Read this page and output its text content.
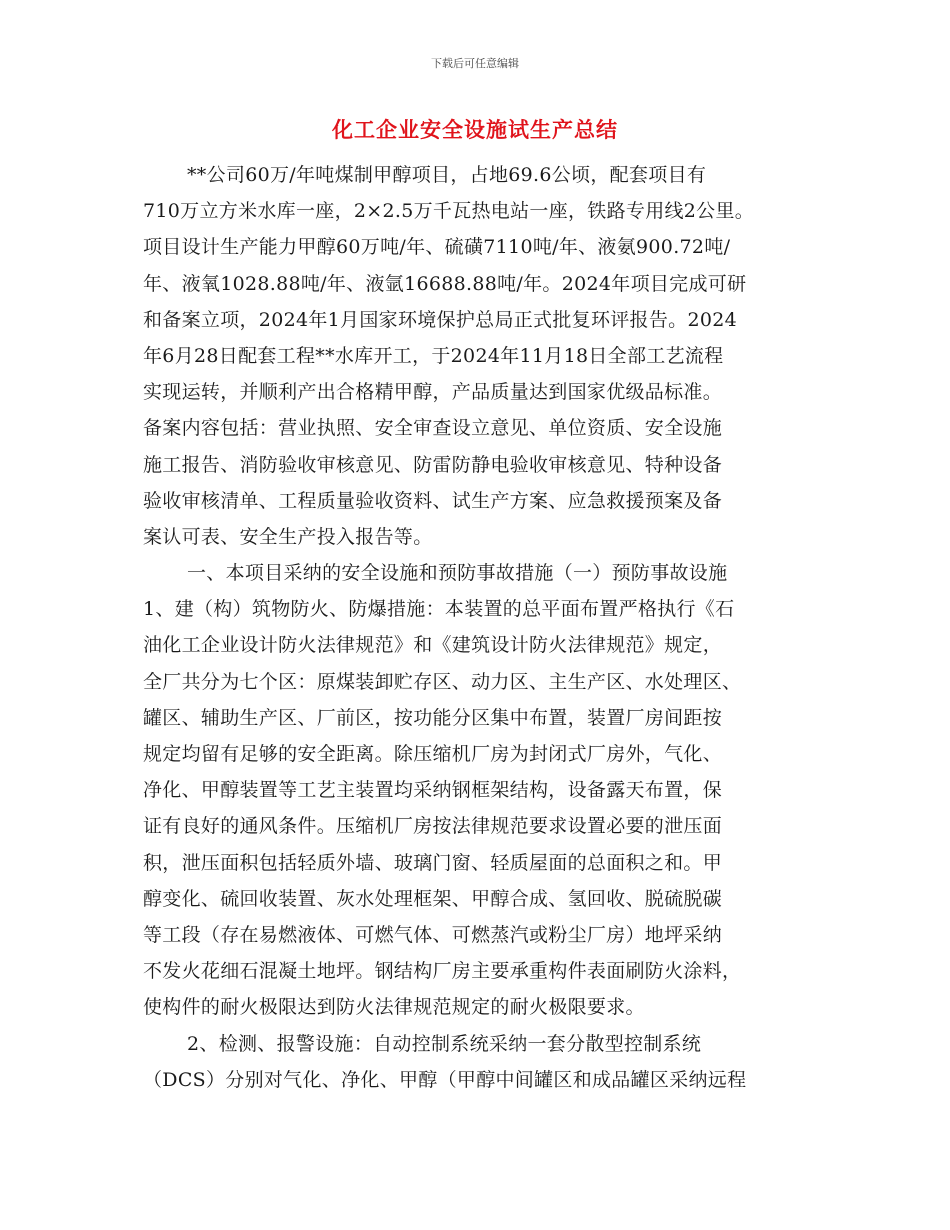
下载后可任意编辑
化工企业安全设施试生产总结
**公司60万/年吨煤制甲醇项目，占地69.6公顷，配套项目有
710万立方米水库一座，2×2.5万千瓦热电站一座，铁路专用线2公里。
项目设计生产能力甲醇60万吨/年、硫磺7110吨/年、液氨900.72吨/
年、液氧1028.88吨/年、液氩16688.88吨/年。2024年项目完成可研
和备案立项，2024年1月国家环境保护总局正式批复环评报告。2024
年6月28日配套工程**水库开工，于2024年11月18日全部工艺流程
实现运转，并顺利产出合格精甲醇，产品质量达到国家优级品标准。
备案内容包括：营业执照、安全审查设立意见、单位资质、安全设施
施工报告、消防验收审核意见、防雷防静电验收审核意见、特种设备
验收审核清单、工程质量验收资料、试生产方案、应急救援预案及备
案认可表、安全生产投入报告等。
一、本项目采纳的安全设施和预防事故措施（一）预防事故设施
1、建（构）筑物防火、防爆措施：本装置的总平面布置严格执行《石
油化工企业设计防火法律规范》和《建筑设计防火法律规范》规定，
全厂共分为七个区：原煤装卸贮存区、动力区、主生产区、水处理区、
罐区、辅助生产区、厂前区，按功能分区集中布置，装置厂房间距按
规定均留有足够的安全距离。除压缩机厂房为封闭式厂房外，气化、
净化、甲醇装置等工艺主装置均采纳钢框架结构，设备露天布置，保
证有良好的通风条件。压缩机厂房按法律规范要求设置必要的泄压面
积，泄压面积包括轻质外墙、玻璃门窗、轻质屋面的总面积之和。甲
醇变化、硫回收装置、灰水处理框架、甲醇合成、氢回收、脱硫脱碳
等工段（存在易燃液体、可燃气体、可燃蒸汽或粉尘厂房）地坪采纳
不发火花细石混凝土地坪。钢结构厂房主要承重构件表面刷防火涂料，
使构件的耐火极限达到防火法律规范规定的耐火极限要求。
2、检测、报警设施：自动控制系统采纳一套分散型控制系统
（DCS）分别对气化、净化、甲醇（甲醇中间罐区和成品罐区采纳远程
